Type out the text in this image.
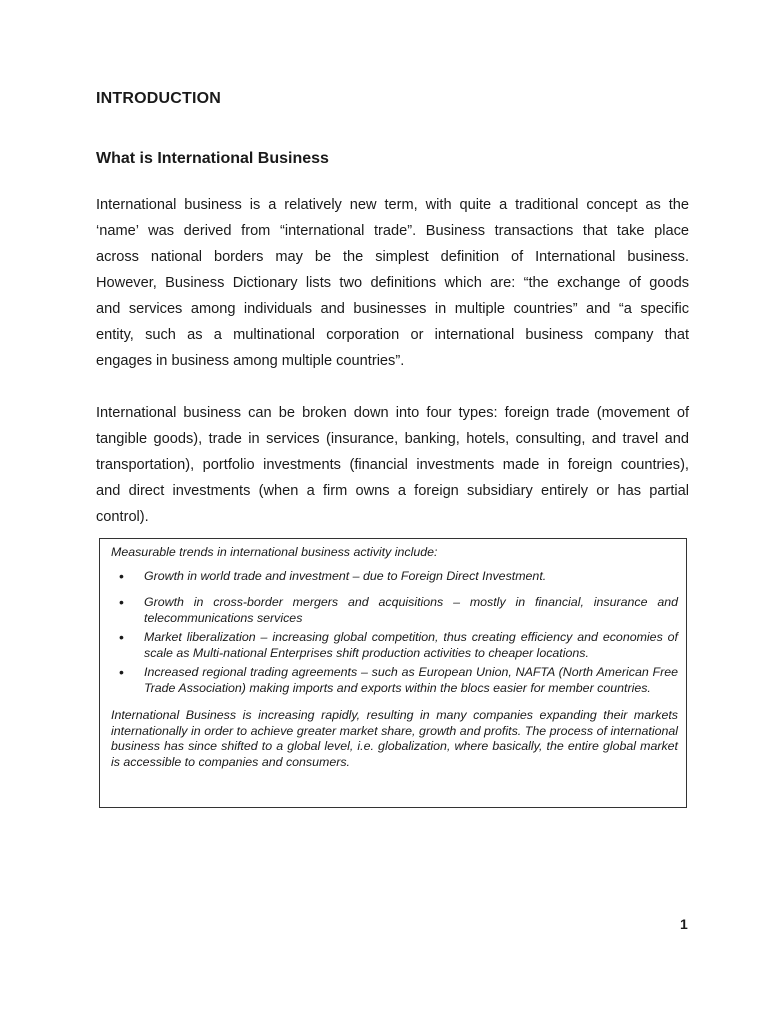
INTRODUCTION
What is International Business
International business is a relatively new term, with quite a traditional concept as the
‘name’ was derived from “international trade”. Business transactions that take place
across national borders may be the simplest definition of International business.
However, Business Dictionary lists two definitions which are: “the exchange of goods
and services among individuals and businesses in multiple countries” and “a specific
entity, such as a multinational corporation or international business company that
engages in business among multiple countries”.
International business can be broken down into four types: foreign trade (movement of
tangible goods), trade in services (insurance, banking, hotels, consulting, and travel and
transportation), portfolio investments (financial investments made in foreign countries),
and direct investments (when a firm owns a foreign subsidiary entirely or has partial
control).

Measurable trends in international business activity include:

• Growth in world trade and investment – due to Foreign Direct Investment.
• Growth in cross-border mergers and acquisitions – mostly in financial, insurance and telecommunications services
• Market liberalization – increasing global competition, thus creating efficiency and economies of scale as Multi-national Enterprises shift production activities to cheaper locations.
• Increased regional trading agreements – such as European Union, NAFTA (North American Free Trade Association) making imports and exports within the blocs easier for member countries.

International Business is increasing rapidly, resulting in many companies expanding their markets internationally in order to achieve greater market share, growth and profits. The process of international business has since shifted to a global level, i.e. globalization, where basically, the entire global market is accessible to companies and consumers.

1
